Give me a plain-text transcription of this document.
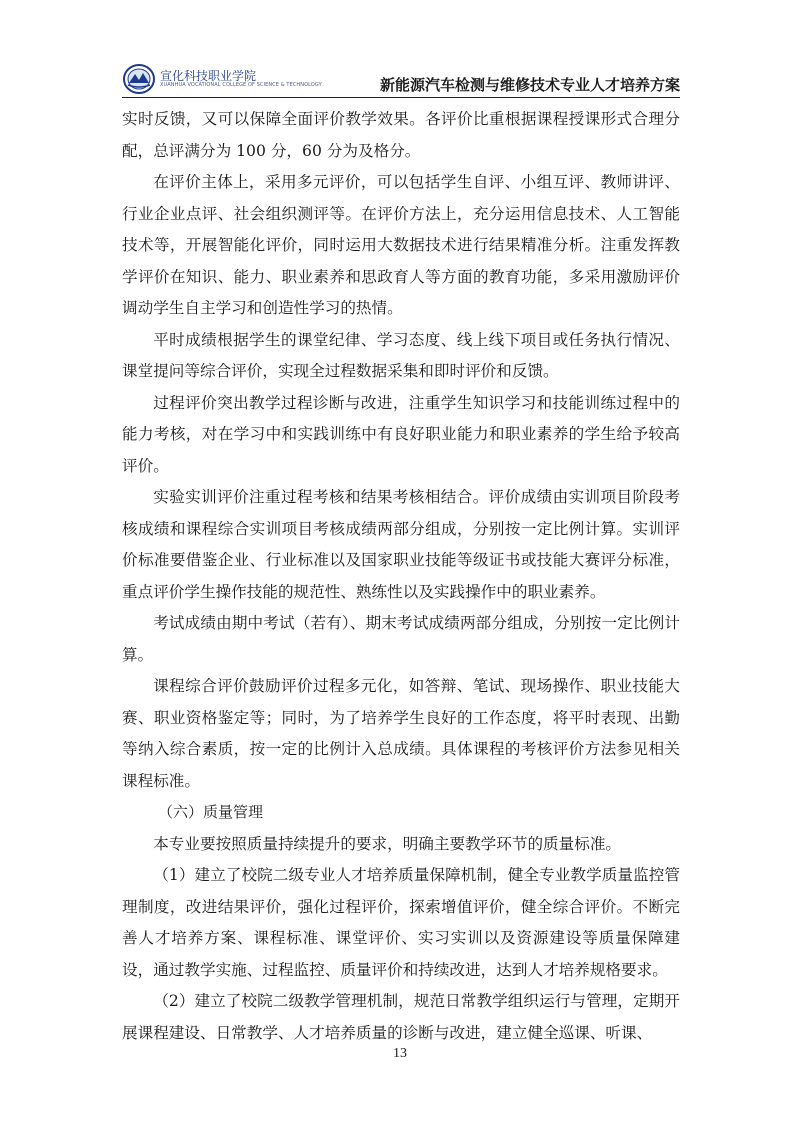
宣化科技职业学院
XUANHUA VOCATIONAL COLLEGE OF SCIENCE & TECHNOLOGY	新能源汽车检测与维修技术专业人才培养方案

实时反馈，又可以保障全面评价教学效果。各评价比重根据课程授课形式合理分配，总评满分为 100 分，60 分为及格分。

在评价主体上，采用多元评价，可以包括学生自评、小组互评、教师讲评、行业企业点评、社会组织测评等。在评价方法上，充分运用信息技术、人工智能技术等，开展智能化评价，同时运用大数据技术进行结果精准分析。注重发挥教学评价在知识、能力、职业素养和思政育人等方面的教育功能，多采用激励评价调动学生自主学习和创造性学习的热情。

平时成绩根据学生的课堂纪律、学习态度、线上线下项目或任务执行情况、课堂提问等综合评价，实现全过程数据采集和即时评价和反馈。

过程评价突出教学过程诊断与改进，注重学生知识学习和技能训练过程中的能力考核，对在学习中和实践训练中有良好职业能力和职业素养的学生给予较高评价。

实验实训评价注重过程考核和结果考核相结合。评价成绩由实训项目阶段考核成绩和课程综合实训项目考核成绩两部分组成，分别按一定比例计算。实训评价标准要借鉴企业、行业标准以及国家职业技能等级证书或技能大赛评分标准，重点评价学生操作技能的规范性、熟练性以及实践操作中的职业素养。

考试成绩由期中考试（若有）、期末考试成绩两部分组成，分别按一定比例计算。

课程综合评价鼓励评价过程多元化，如答辩、笔试、现场操作、职业技能大赛、职业资格鉴定等；同时，为了培养学生良好的工作态度，将平时表现、出勤等纳入综合素质，按一定的比例计入总成绩。具体课程的考核评价方法参见相关课程标准。

（六）质量管理

本专业要按照质量持续提升的要求，明确主要教学环节的质量标准。

（1）建立了校院二级专业人才培养质量保障机制，健全专业教学质量监控管理制度，改进结果评价，强化过程评价，探索增值评价，健全综合评价。不断完善人才培养方案、课程标准、课堂评价、实习实训以及资源建设等质量保障建设，通过教学实施、过程监控、质量评价和持续改进，达到人才培养规格要求。

（2）建立了校院二级教学管理机制，规范日常教学组织运行与管理，定期开展课程建设、日常教学、人才培养质量的诊断与改进，建立健全巡课、听课、

13
